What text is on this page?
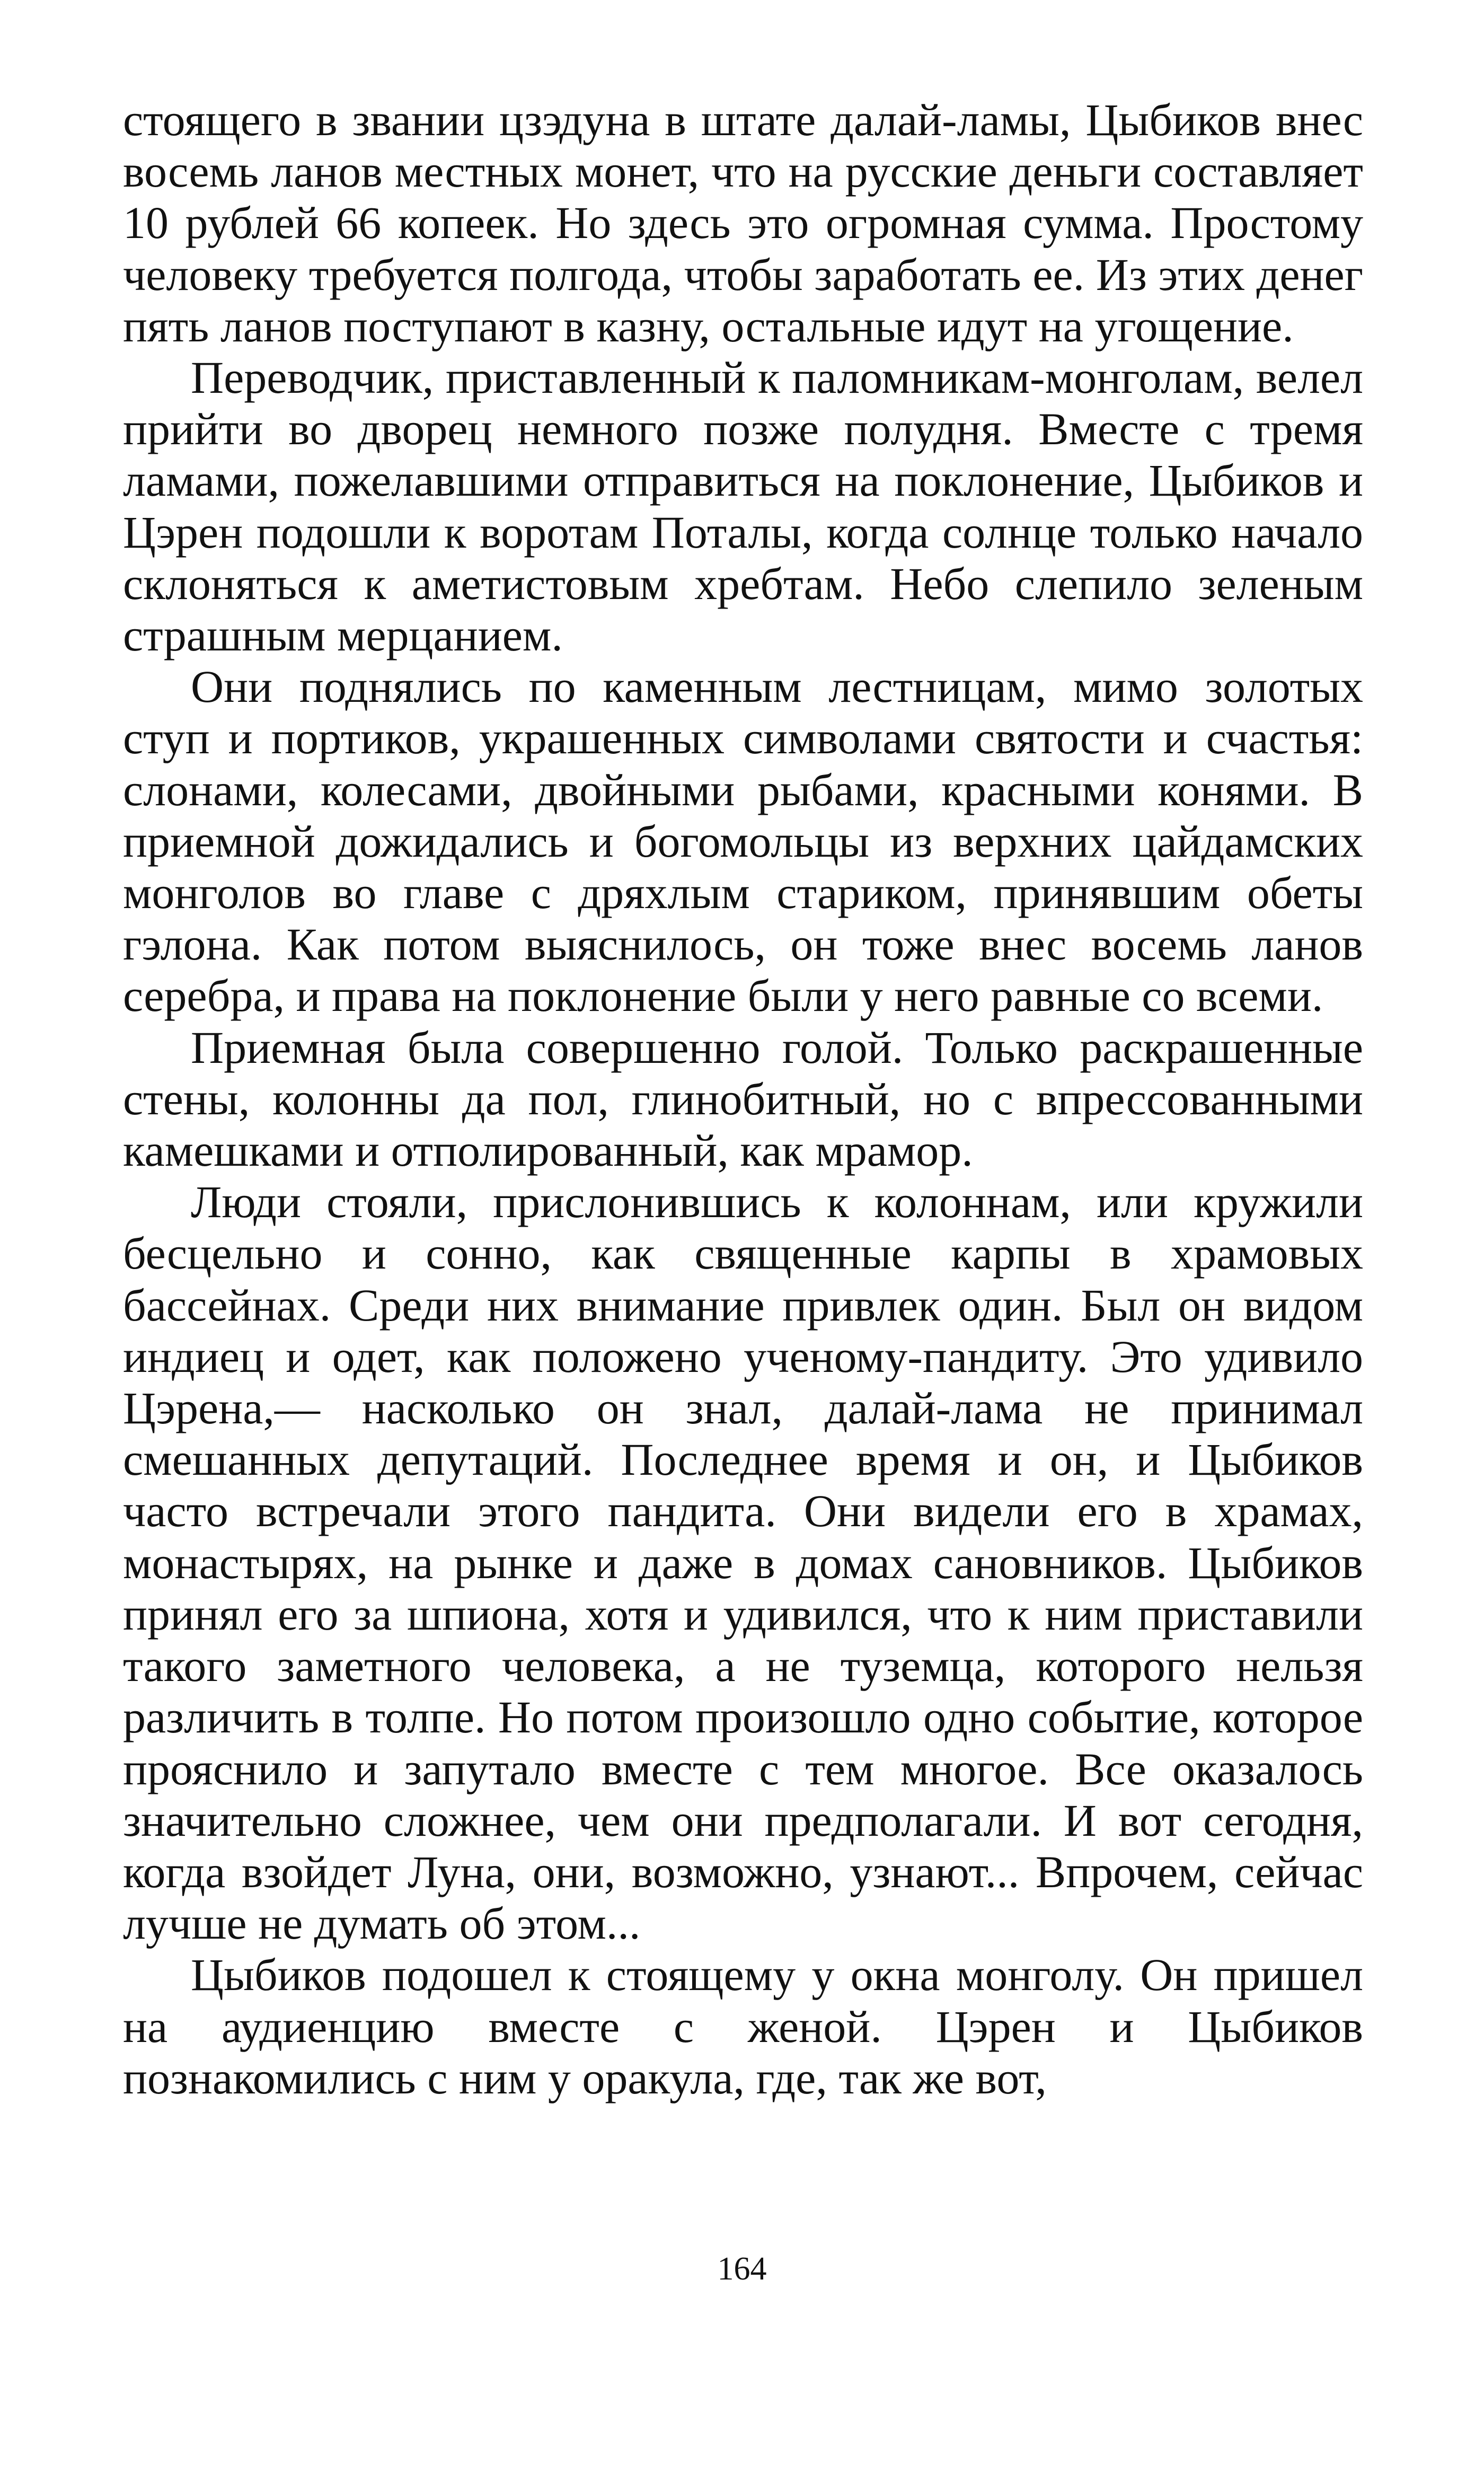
стоящего в звании цзэдуна в штате далай-ламы, Цыбиков внес восемь ланов местных монет, что на русские деньги составляет 10 рублей 66 копеек. Но здесь это огромная сумма. Простому человеку требуется полгода, чтобы заработать ее. Из этих денег пять ланов поступают в казну, остальные идут на угощение.

Переводчик, приставленный к паломникам-монголам, велел прийти во дворец немного позже полудня. Вместе с тремя ламами, пожелавшими отправиться на поклонение, Цыбиков и Цэрен подошли к воротам Поталы, когда солнце только начало склоняться к аметистовым хребтам. Небо слепило зеленым страшным мерцанием.

Они поднялись по каменным лестницам, мимо золотых ступ и портиков, украшенных символами святости и счастья: слонами, колесами, двойными рыбами, красными конями. В приемной дожидались и богомольцы из верхних цайдамских монголов во главе с дряхлым стариком, принявшим обеты гэлона. Как потом выяснилось, он тоже внес восемь ланов серебра, и права на поклонение были у него равные со всеми.

Приемная была совершенно голой. Только раскрашенные стены, колонны да пол, глинобитный, но с впрессованными камешками и отполированный, как мрамор.

Люди стояли, прислонившись к колоннам, или кружили бесцельно и сонно, как священные карпы в храмовых бассейнах. Среди них внимание привлек один. Был он видом индиец и одет, как положено ученому-пандиту. Это удивило Цэрена,— насколько он знал, далай-лама не принимал смешанных депутаций. Последнее время и он, и Цыбиков часто встречали этого пандита. Они видели его в храмах, монастырях, на рынке и даже в домах сановников. Цыбиков принял его за шпиона, хотя и удивился, что к ним приставили такого заметного человека, а не туземца, которого нельзя различить в толпе. Но потом произошло одно событие, которое прояснило и запутало вместе с тем многое. Все оказалось значительно сложнее, чем они предполагали. И вот сегодня, когда взойдет Луна, они, возможно, узнают... Впрочем, сейчас лучше не думать об этом...

Цыбиков подошел к стоящему у окна монголу. Он пришел на аудиенцию вместе с женой. Цэрен и Цыбиков познакомились с ним у оракула, где, так же вот,

164
